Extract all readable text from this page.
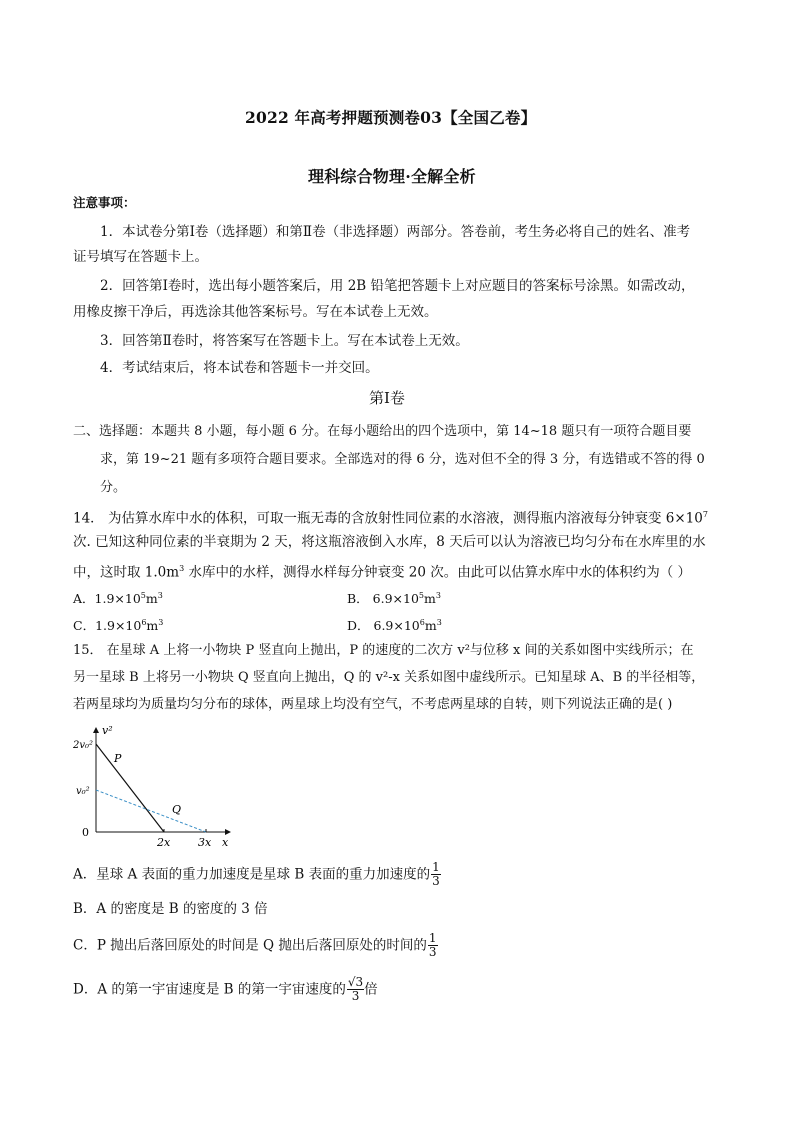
2022 年高考押题预测卷03【全国乙卷】
理科综合物理·全解全析
注意事项：
1．本试卷分第Ⅰ卷（选择题）和第Ⅱ卷（非选择题）两部分。答卷前，考生务必将自己的姓名、准考
证号填写在答题卡上。
2．回答第Ⅰ卷时，选出每小题答案后，用 2B 铅笔把答题卡上对应题目的答案标号涂黑。如需改动，
用橡皮擦干净后，再选涂其他答案标号。写在本试卷上无效。
3．回答第Ⅱ卷时，将答案写在答题卡上。写在本试卷上无效。
4．考试结束后，将本试卷和答题卡一并交回。
第Ⅰ卷
二、选择题：本题共 8 小题，每小题 6 分。在每小题给出的四个选项中，第 14~18 题只有一项符合题目要
求，第 19~21 题有多项符合题目要求。全部选对的得 6 分，选对但不全的得 3 分，有选错或不答的得 0
分。
14． 为估算水库中水的体积，可取一瓶无毒的含放射性同位素的水溶液，测得瓶内溶液每分钟衰变 $6\times 10^7$
次. 已知这种同位素的半衰期为 2 天，将这瓶溶液倒入水库，8 天后可以认为溶液已均匀分布在水库里的水
中，这时取 $1.0m^3$ 水库中的水样，测得水样每分钟衰变 20 次。由此可以估算水库中水的体积约为（ ）
A．$1.9\times 10^5m^3$	B． $6.9\times 10^5m^3$
C．$1.9\times 10^6m^3$	D． $6.9\times 10^6m^3$
15． 在星球 A 上将一小物块 P 竖直向上抛出，P 的速度的二次方 v²与位移 x 间的关系如图中实线所示；在
另一星球 B 上将另一小物块 Q 竖直向上抛出，Q 的 v²-x 关系如图中虚线所示。已知星球 A、B 的半径相等，
若两星球均为质量均匀分布的球体，两星球上均没有空气，不考虑两星球的自转，则下列说法正确的是( )
v²
2v₀²
v₀²
0
2x	3x x
P
Q
A．星球 A 表面的重力加速度是星球 B 表面的重力加速度的 $\frac{1}{3}$
B．A 的密度是 B 的密度的 3 倍
C．P 抛出后落回原处的时间是 Q 抛出后落回原处的时间的 $\frac{1}{3}$
D．A 的第一宇宙速度是 B 的第一宇宙速度的 $\frac{√3}{3}$ 倍
